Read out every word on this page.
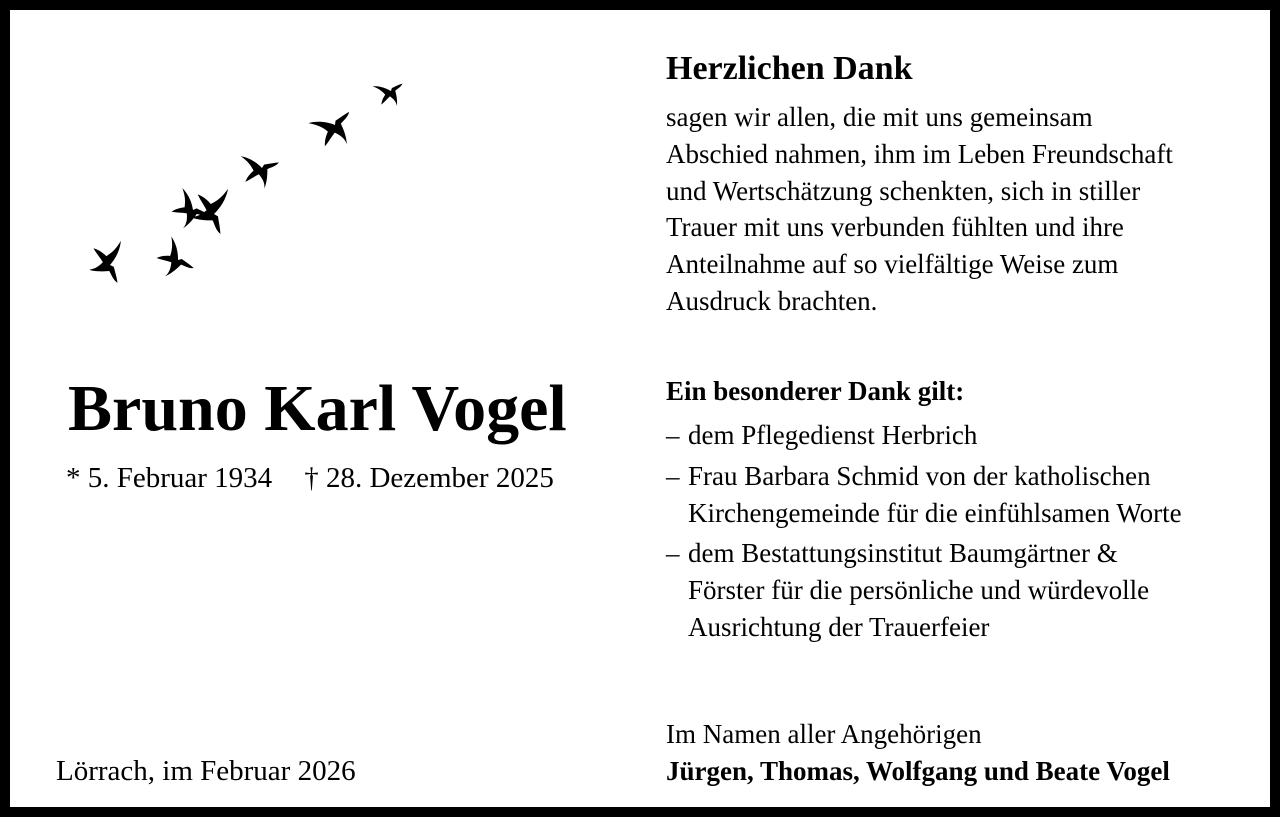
Bruno Karl Vogel
* 5. Februar 1934 † 28. Dezember 2025
Lörrach, im Februar 2026
Herzlichen Dank
sagen wir allen, die mit uns gemeinsam
Abschied nahmen, ihm im Leben Freundschaft
und Wertschätzung schenkten, sich in stiller
Trauer mit uns verbunden fühlten und ihre
Anteilnahme auf so vielfältige Weise zum
Ausdruck brachten.
Ein besonderer Dank gilt:
– dem Pflegedienst Herbrich
– Frau Barbara Schmid von der katholischen
Kirchengemeinde für die einfühlsamen Worte
– dem Bestattungsinstitut Baumgärtner &
Förster für die persönliche und würdevolle
Ausrichtung der Trauerfeier
Im Namen aller Angehörigen
Jürgen, Thomas, Wolfgang und Beate Vogel
